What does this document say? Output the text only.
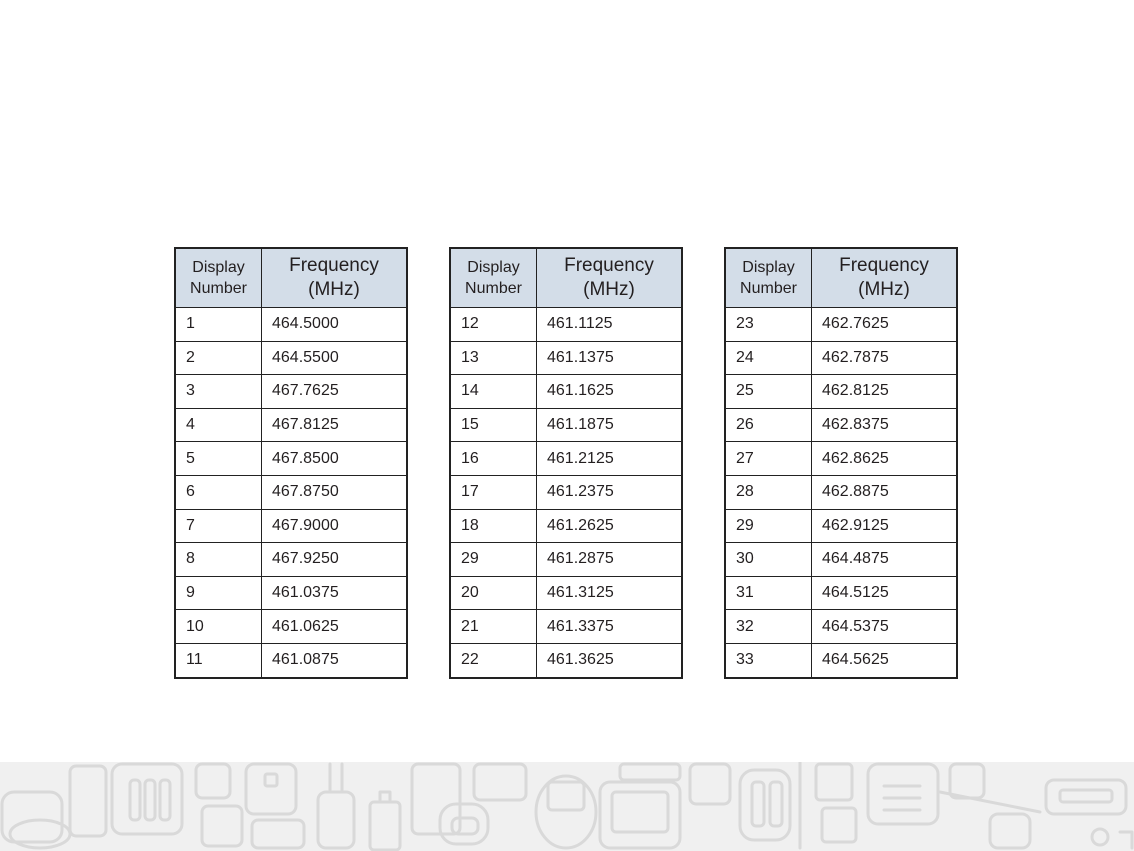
Display
Number	Frequency
(MHz)

1	464.5000
2	464.5500
3	467.7625
4	467.8125
5	467.8500
6	467.8750
7	467.9000
8	467.9250
9	461.0375
10	461.0625
11	461.0875
Display
Number	Frequency
(MHz)

12	461.1125
13	461.1375
14	461.1625
15	461.1875
16	461.2125
17	461.2375
18	461.2625
29	461.2875
20	461.3125
21	461.3375
22	461.3625
Display
Number	Frequency
(MHz)

23	462.7625
24	462.7875
25	462.8125
26	462.8375
27	462.8625
28	462.8875
29	462.9125
30	464.4875
31	464.5125
32	464.5375
33	464.5625
